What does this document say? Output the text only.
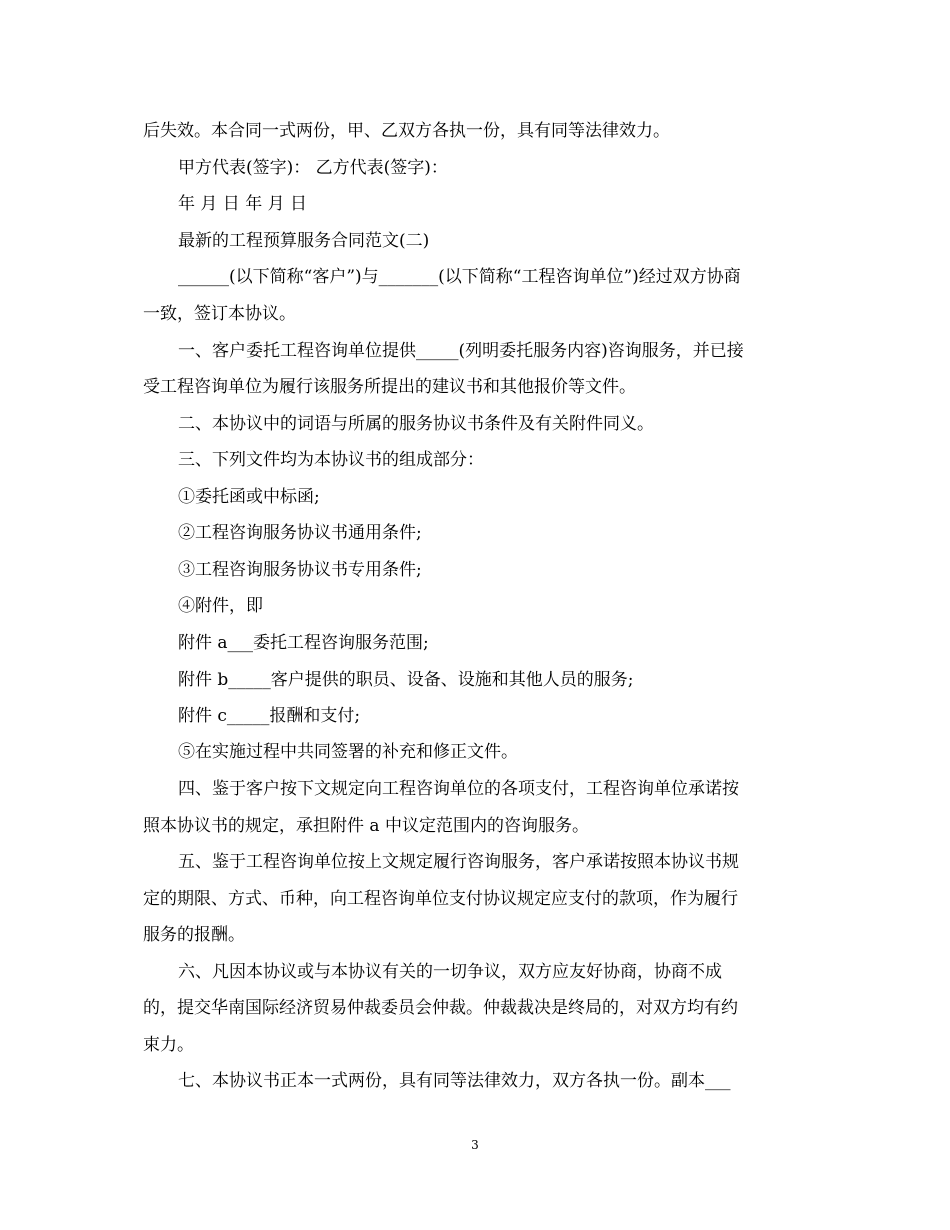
后失效。本合同一式两份，甲、乙双方各执一份，具有同等法律效力。
甲方代表(签字)： 乙方代表(签字)：
年 月 日 年 月 日
最新的工程预算服务合同范文(二)
______(以下简称“客户”)与_______(以下简称“工程咨询单位”)经过双方协商
一致，签订本协议。
一、客户委托工程咨询单位提供_____(列明委托服务内容)咨询服务，并已接
受工程咨询单位为履行该服务所提出的建议书和其他报价等文件。
二、本协议中的词语与所属的服务协议书条件及有关附件同义。
三、下列文件均为本协议书的组成部分：
①委托函或中标函;
②工程咨询服务协议书通用条件;
③工程咨询服务协议书专用条件;
④附件，即
附件 a___委托工程咨询服务范围;
附件 b_____客户提供的职员、设备、设施和其他人员的服务;
附件 c_____报酬和支付;
⑤在实施过程中共同签署的补充和修正文件。
四、鉴于客户按下文规定向工程咨询单位的各项支付，工程咨询单位承诺按
照本协议书的规定，承担附件 a 中议定范围内的咨询服务。
五、鉴于工程咨询单位按上文规定履行咨询服务，客户承诺按照本协议书规
定的期限、方式、币种，向工程咨询单位支付协议规定应支付的款项，作为履行
服务的报酬。
六、凡因本协议或与本协议有关的一切争议，双方应友好协商，协商不成
的，提交华南国际经济贸易仲裁委员会仲裁。仲裁裁决是终局的，对双方均有约
束力。
七、本协议书正本一式两份，具有同等法律效力，双方各执一份。副本___
3
